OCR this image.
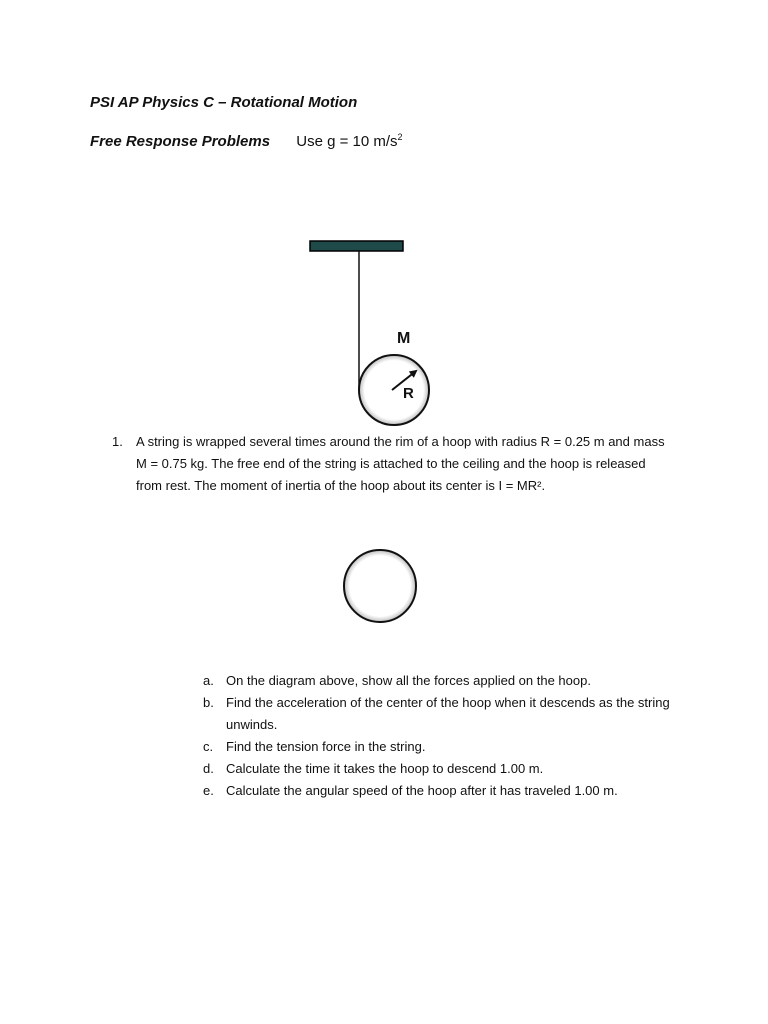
PSI AP Physics C – Rotational Motion
Free Response Problems Use g = 10 $m/s^2$
M
R
1. A string is wrapped several times around the rim of a hoop with radius R = 0.25 m and mass M = 0.75 kg. The free end of the string is attached to the ceiling and the hoop is released from rest. The moment of inertia of the hoop about its center is I = MR².
a. On the diagram above, show all the forces applied on the hoop.
b. Find the acceleration of the center of the hoop when it descends as the string unwinds.
c. Find the tension force in the string.
d. Calculate the time it takes the hoop to descend 1.00 m.
e. Calculate the angular speed of the hoop after it has traveled 1.00 m.
